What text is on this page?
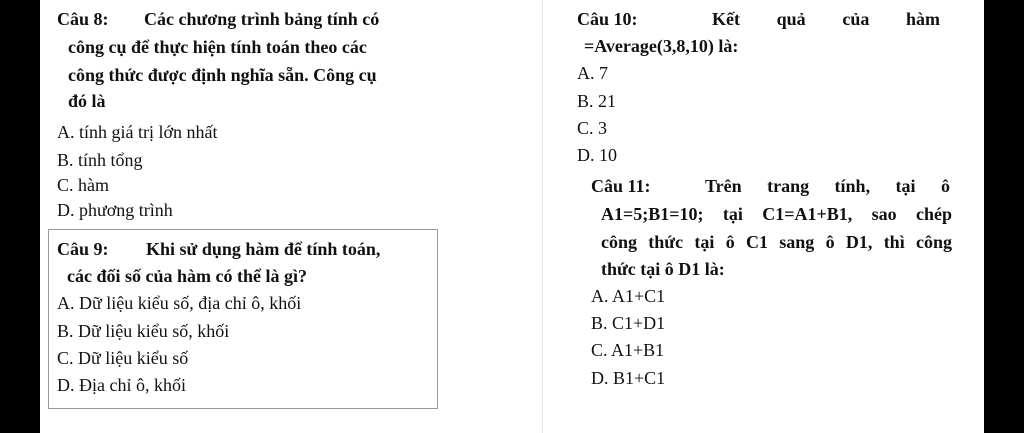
Câu 8: Các chương trình bảng tính có
công cụ để thực hiện tính toán theo các
công thức được định nghĩa sẵn. Công cụ
đó là
A. tính giá trị lớn nhất
B. tính tổng
C. hàm
D. phương trình
Câu 9: Khi sử dụng hàm để tính toán,
các đối số của hàm có thể là gì?
A. Dữ liệu kiểu số, địa chỉ ô, khối
B. Dữ liệu kiểu số, khối
C. Dữ liệu kiểu số
D. Địa chỉ ô, khối
Câu 10:	Kết quả của hàm
=Average(3,8,10) là:
A. 7
B. 21
C. 3
D. 10
Câu 11:	Trên trang tính, tại ô
A1=5;B1=10; tại C1=A1+B1, sao chép
công thức tại ô C1 sang ô D1, thì công
thức tại ô D1 là:
A. A1+C1
B. C1+D1
C. A1+B1
D. B1+C1
